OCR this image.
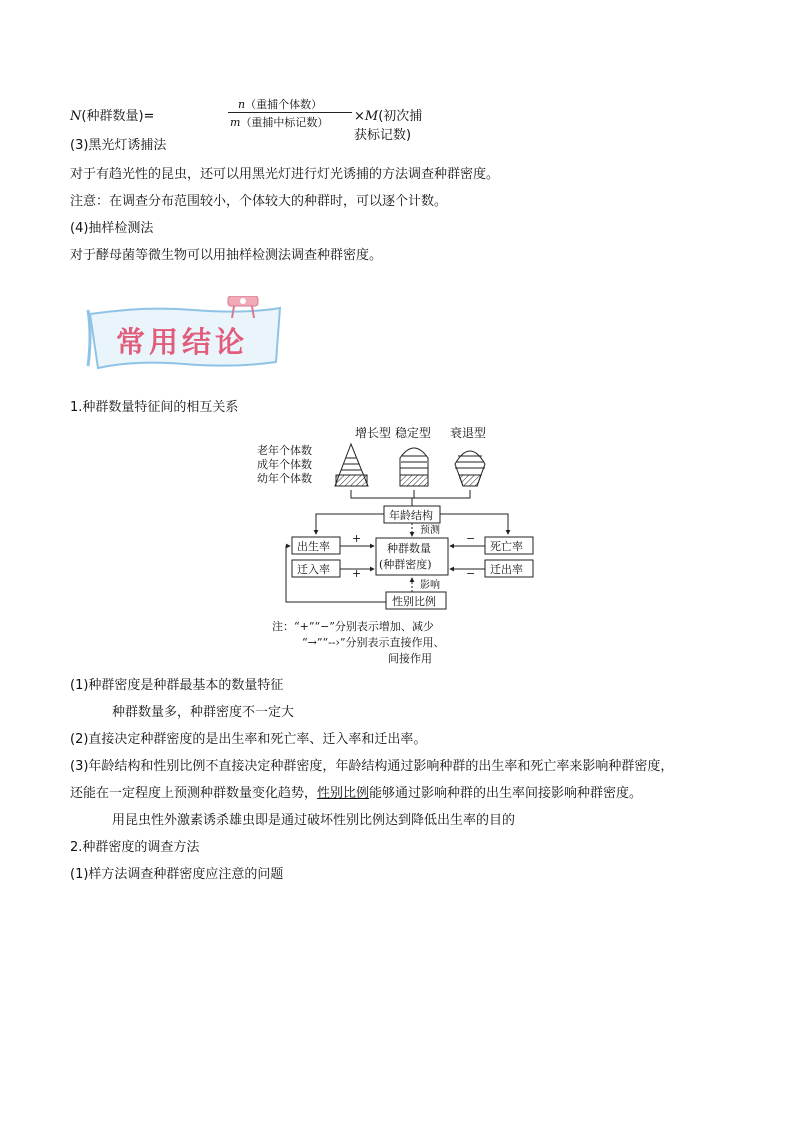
N(种群数量)=
n（重捕个体数）
m（重捕中标记数） ×M(初次捕获标记数)
(3)黑光灯诱捕法
对于有趋光性的昆虫，还可以用黑光灯进行灯光诱捕的方法调查种群密度。
注意：在调查分布范围较小，个体较大的种群时，可以逐个计数。
(4)抽样检测法
对于酵母菌等微生物可以用抽样检测法调查种群密度。
常用结论
1.种群数量特征间的相互关系
增长型 稳定型 衰退型
老年个体数
成年个体数
幼年个体数
年龄结构
预测
出生率	死亡率
迁入率	迁出率
种群数量
(种群密度)
+
+
−
−
性别比例
影响
注：“+”“−”分别表示增加、减少
“→”“‐‐›”分别表示直接作用、
间接作用
(1)种群密度是种群最基本的数量特征
种群数量多，种群密度不一定大
(2)直接决定种群密度的是出生率和死亡率、迁入率和迁出率。
(3)年龄结构和性别比例不直接决定种群密度，年龄结构通过影响种群的出生率和死亡率来影响种群密度，
还能在一定程度上预测种群数量变化趋势，性别比例能够通过影响种群的出生率间接影响种群密度。
用昆虫性外激素诱杀雄虫即是通过破坏性别比例达到降低出生率的目的
2.种群密度的调查方法
(1)样方法调查种群密度应注意的问题
